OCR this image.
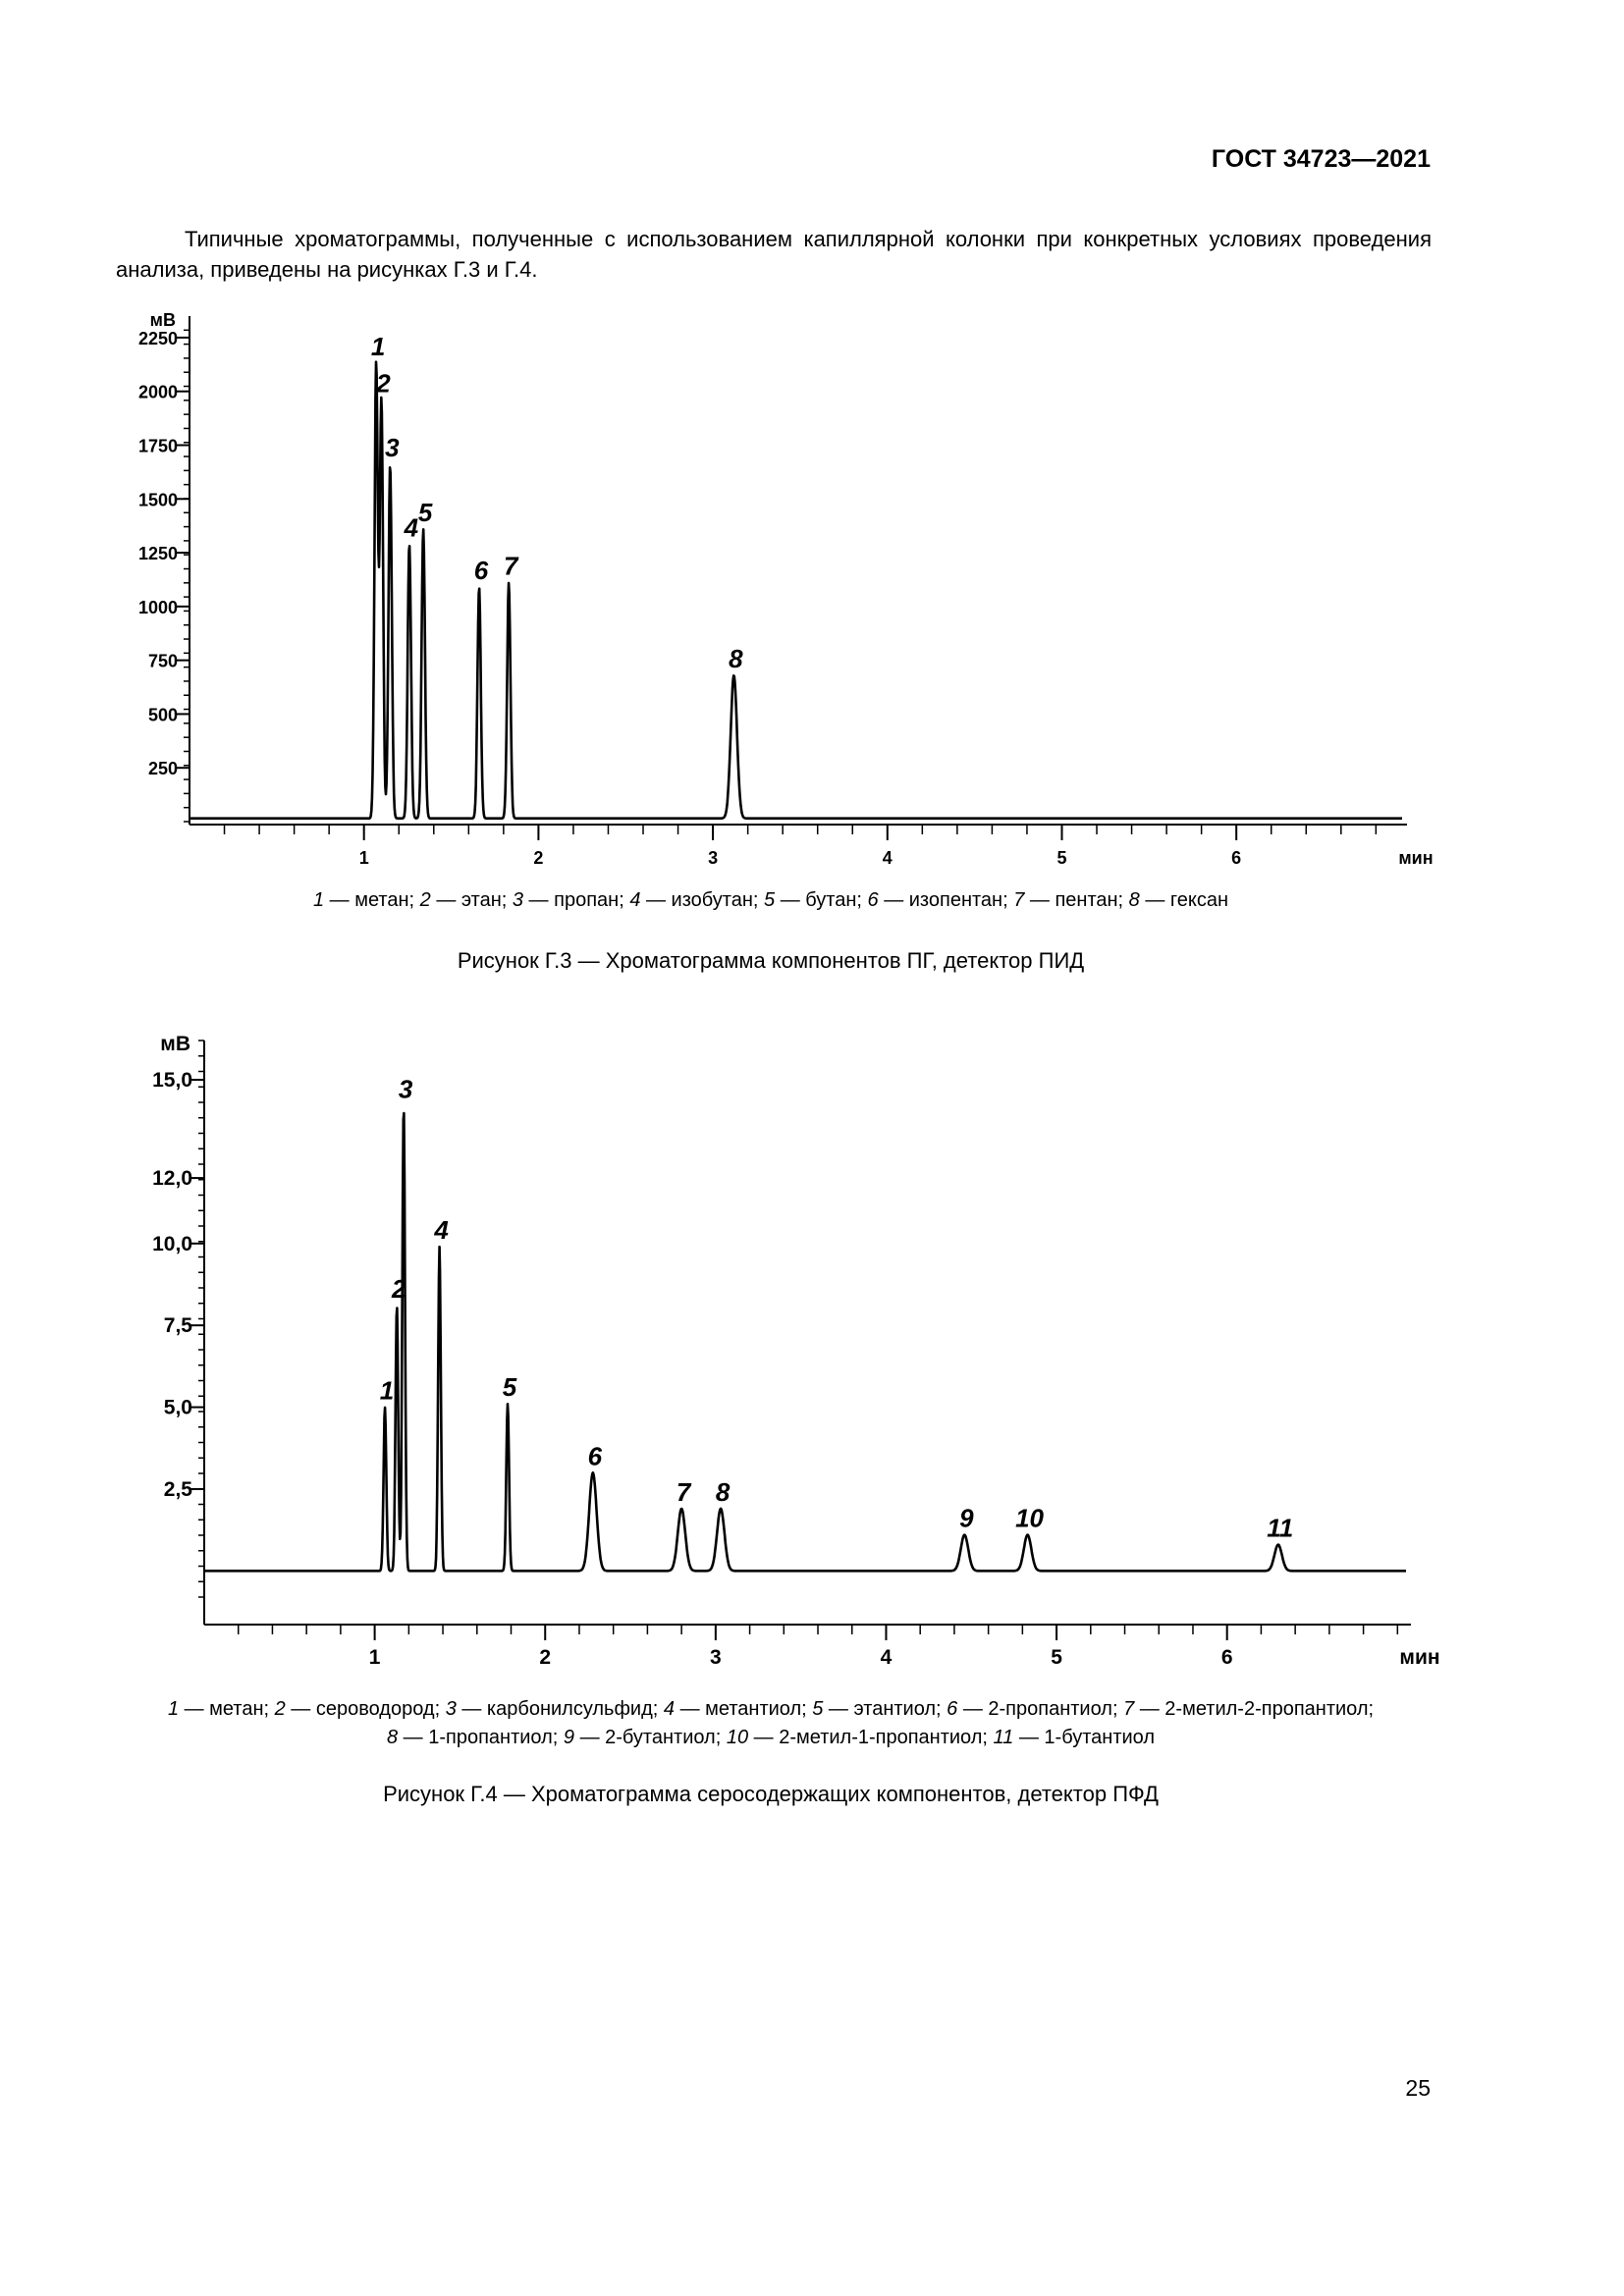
ГОСТ 34723—2021
Типичные хроматограммы, полученные с использованием капиллярной колонки при конкретных условиях проведения анализа, приведены на рисунках Г.3 и Г.4.
250
500
750
1000
1250
1500
1750
2000
2250
мВ
1	2	3	4	5	6	мин
1
2
3
4
5
6 7
8
1 — метан; 2 — этан; 3 — пропан; 4 — изобутан; 5 — бутан; 6 — изопентан; 7 — пентан; 8 — гексан
Рисунок Г.3 — Хроматограмма компонентов ПГ, детектор ПИД
2,5
5,0
7,5
10,0
12,0
15,0
мВ
1	2	3	4	5	6	мин
1
2
3
4
5
6
7 8
9 10	11
1 — метан; 2 — сероводород; 3 — карбонилсульфид; 4 — метантиол; 5 — этантиол; 6 — 2-пропантиол; 7 — 2-метил-2-пропантиол;
8 — 1-пропантиол; 9 — 2-бутантиол; 10 — 2-метил-1-пропантиол; 11 — 1-бутантиол
Рисунок Г.4 — Хроматограмма серосодержащих компонентов, детектор ПФД
25
